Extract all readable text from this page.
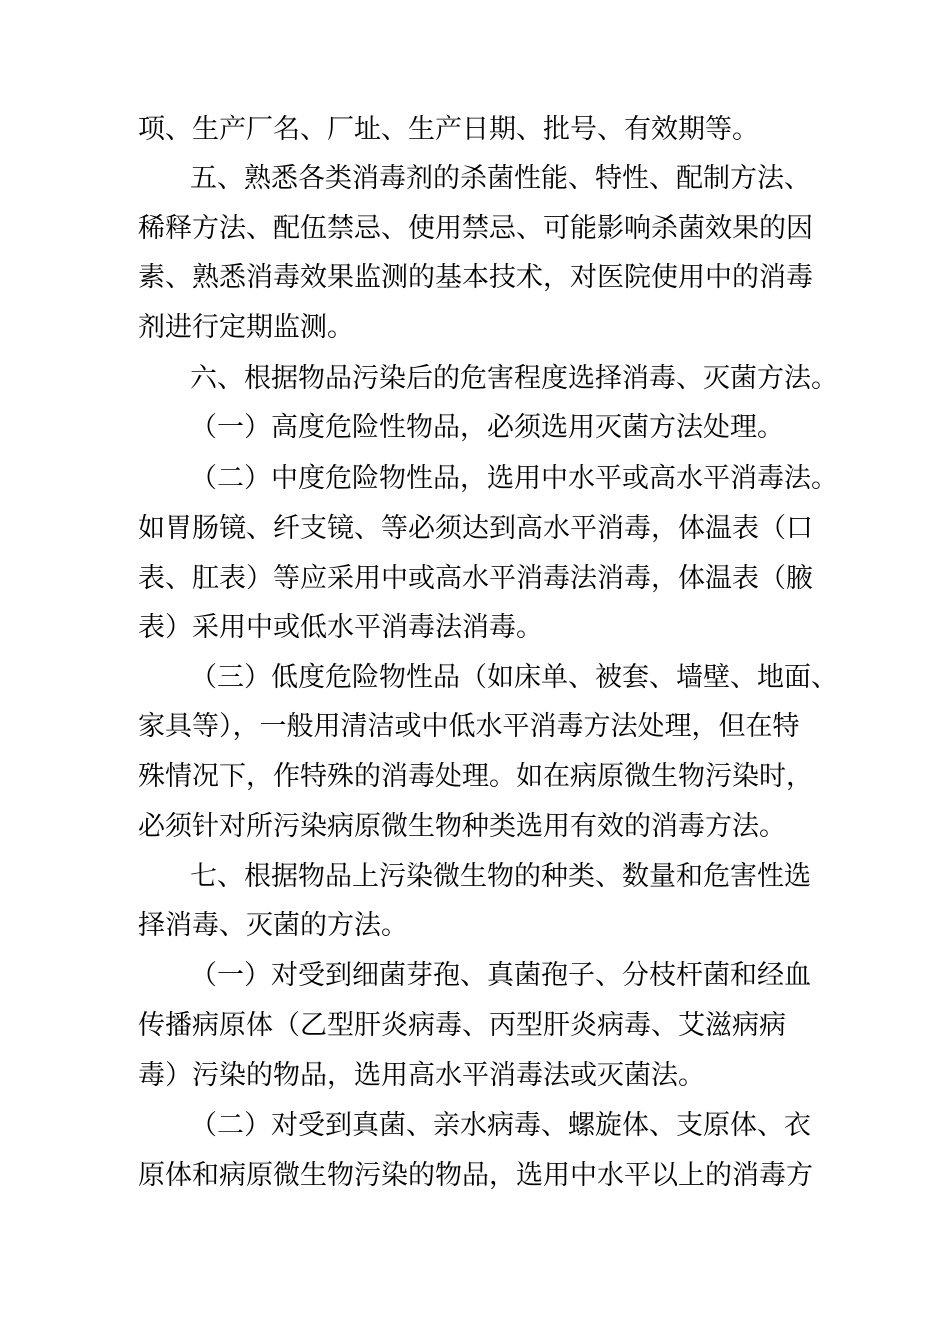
项、生产厂名、厂址、生产日期、批号、有效期等。
五、熟悉各类消毒剂的杀菌性能、特性、配制方法、
稀释方法、配伍禁忌、使用禁忌、可能影响杀菌效果的因
素、熟悉消毒效果监测的基本技术，对医院使用中的消毒
剂进行定期监测。
六、根据物品污染后的危害程度选择消毒、灭菌方法。
（一）高度危险性物品，必须选用灭菌方法处理。
（二）中度危险物性品，选用中水平或高水平消毒法。
如胃肠镜、纤支镜、等必须达到高水平消毒，体温表（口
表、肛表）等应采用中或高水平消毒法消毒，体温表（腋
表）采用中或低水平消毒法消毒。
（三）低度危险物性品（如床单、被套、墙壁、地面、
家具等），一般用清洁或中低水平消毒方法处理，但在特
殊情况下，作特殊的消毒处理。如在病原微生物污染时，
必须针对所污染病原微生物种类选用有效的消毒方法。
七、根据物品上污染微生物的种类、数量和危害性选
择消毒、灭菌的方法。
（一）对受到细菌芽孢、真菌孢子、分枝杆菌和经血
传播病原体（乙型肝炎病毒、丙型肝炎病毒、艾滋病病
毒）污染的物品，选用高水平消毒法或灭菌法。
（二）对受到真菌、亲水病毒、螺旋体、支原体、衣
原体和病原微生物污染的物品，选用中水平以上的消毒方
